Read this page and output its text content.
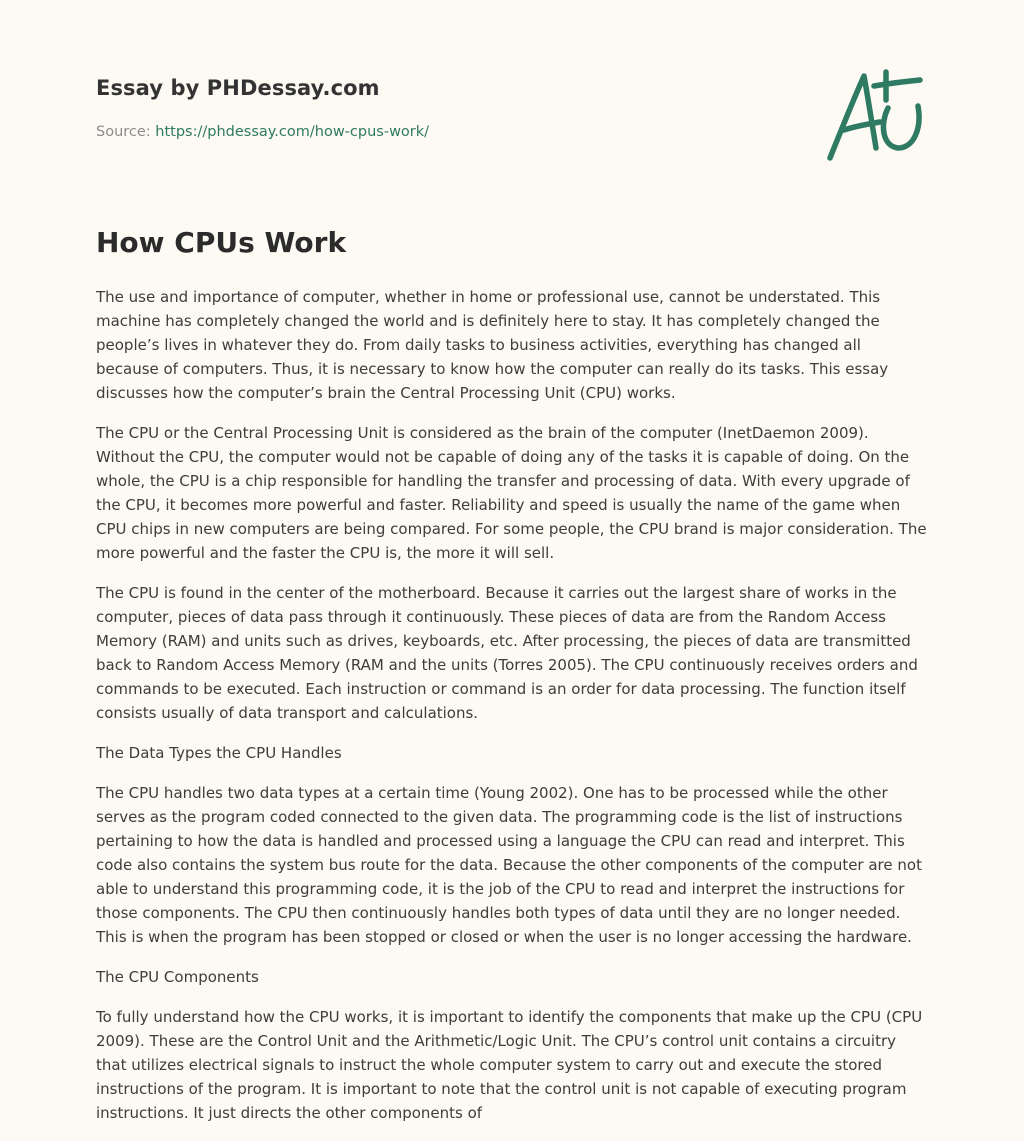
Essay by PHDessay.com
Source: https://phdessay.com/how-cpus-work/
How CPUs Work

The use and importance of computer, whether in home or professional use, cannot be understated. This machine has completely changed the world and is definitely here to stay. It has completely changed the people’s lives in whatever they do. From daily tasks to business activities, everything has changed all because of computers. Thus, it is necessary to know how the computer can really do its tasks. This essay discusses how the computer’s brain the Central Processing Unit (CPU) works.

The CPU or the Central Processing Unit is considered as the brain of the computer (InetDaemon 2009). Without the CPU, the computer would not be capable of doing any of the tasks it is capable of doing. On the whole, the CPU is a chip responsible for handling the transfer and processing of data. With every upgrade of the CPU, it becomes more powerful and faster. Reliability and speed is usually the name of the game when CPU chips in new computers are being compared. For some people, the CPU brand is major consideration. The more powerful and the faster the CPU is, the more it will sell.

The CPU is found in the center of the motherboard. Because it carries out the largest share of works in the computer, pieces of data pass through it continuously. These pieces of data are from the Random Access Memory (RAM) and units such as drives, keyboards, etc. After processing, the pieces of data are transmitted back to Random Access Memory (RAM and the units (Torres 2005). The CPU continuously receives orders and commands to be executed. Each instruction or command is an order for data processing. The function itself consists usually of data transport and calculations.

The Data Types the CPU Handles

The CPU handles two data types at a certain time (Young 2002). One has to be processed while the other serves as the program coded connected to the given data. The programming code is the list of instructions pertaining to how the data is handled and processed using a language the CPU can read and interpret. This code also contains the system bus route for the data. Because the other components of the computer are not able to understand this programming code, it is the job of the CPU to read and interpret the instructions for those components. The CPU then continuously handles both types of data until they are no longer needed. This is when the program has been stopped or closed or when the user is no longer accessing the hardware.

The CPU Components

To fully understand how the CPU works, it is important to identify the components that make up the CPU (CPU 2009). These are the Control Unit and the Arithmetic/Logic Unit. The CPU’s control unit contains a circuitry that utilizes electrical signals to instruct the whole computer system to carry out and execute the stored instructions of the program. It is important to note that the control unit is not capable of executing program instructions. It just directs the other components of
